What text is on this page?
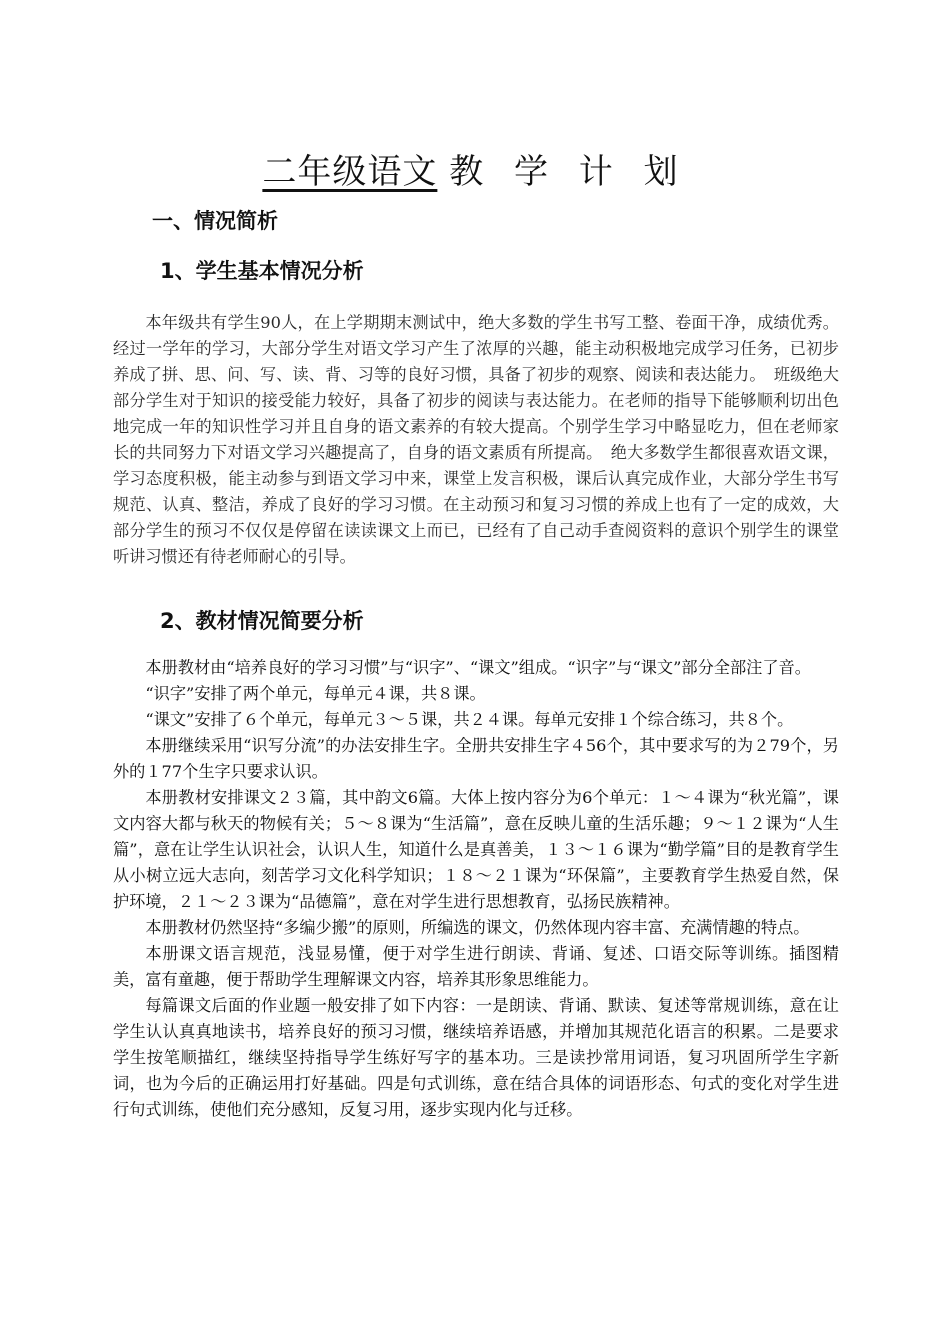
二年级语文 教 学 计 划
一、情况简析
1、学生基本情况分析

本年级共有学生90人，在上学期期末测试中，绝大多数的学生书写工整、卷面干净，成绩优秀。经过一学年的学习，大部分学生对语文学习产生了浓厚的兴趣，能主动积极地完成学习任务，已初步养成了拼、思、问、写、读、背、习等的良好习惯，具备了初步的观察、阅读和表达能力。　班级绝大部分学生对于知识的接受能力较好，具备了初步的阅读与表达能力。在老师的指导下能够顺利切出色地完成一年的知识性学习并且自身的语文素养的有较大提高。个别学生学习中略显吃力，但在老师家长的共同努力下对语文学习兴趣提高了，自身的语文素质有所提高。　绝大多数学生都很喜欢语文课，学习态度积极，能主动参与到语文学习中来，课堂上发言积极，课后认真完成作业，大部分学生书写规范、认真、整洁，养成了良好的学习习惯。在主动预习和复习习惯的养成上也有了一定的成效，大部分学生的预习不仅仅是停留在读读课文上而已，已经有了自己动手查阅资料的意识个别学生的课堂听讲习惯还有待老师耐心的引导。

2、教材情况简要分析

本册教材由“培养良好的学习习惯”与“识字”、“课文”组成。“识字”与“课文”部分全部注了音。

“识字”安排了两个单元，每单元４课，共８课。

“课文”安排了６个单元，每单元３～５课，共２４课。每单元安排１个综合练习，共８个。

本册继续采用“识写分流”的办法安排生字。全册共安排生字４56个，其中要求写的为２79个，另外的１77个生字只要求认识。

本册教材安排课文２３篇，其中韵文6篇。大体上按内容分为6个单元：１～４课为“秋光篇”，课文内容大都与秋天的物候有关；５～８课为“生活篇”，意在反映儿童的生活乐趣；９～１２课为“人生篇”，意在让学生认识社会，认识人生，知道什么是真善美，１３～１６课为“勤学篇”目的是教育学生从小树立远大志向，刻苦学习文化科学知识；１８～２１课为“环保篇”，主要教育学生热爱自然，保护环境，２１～２３课为“品德篇”，意在对学生进行思想教育，弘扬民族精神。

本册教材仍然坚持“多编少搬”的原则，所编选的课文，仍然体现内容丰富、充满情趣的特点。

本册课文语言规范，浅显易懂，便于对学生进行朗读、背诵、复述、口语交际等训练。插图精美，富有童趣，便于帮助学生理解课文内容，培养其形象思维能力。

每篇课文后面的作业题一般安排了如下内容：一是朗读、背诵、默读、复述等常规训练，意在让学生认认真真地读书，培养良好的预习习惯，继续培养语感，并增加其规范化语言的积累。二是要求学生按笔顺描红，继续坚持指导学生练好写字的基本功。三是读抄常用词语，复习巩固所学生字新词，也为今后的正确运用打好基础。四是句式训练，意在结合具体的词语形态、句式的变化对学生进行句式训练，使他们充分感知，反复习用，逐步实现内化与迁移。
